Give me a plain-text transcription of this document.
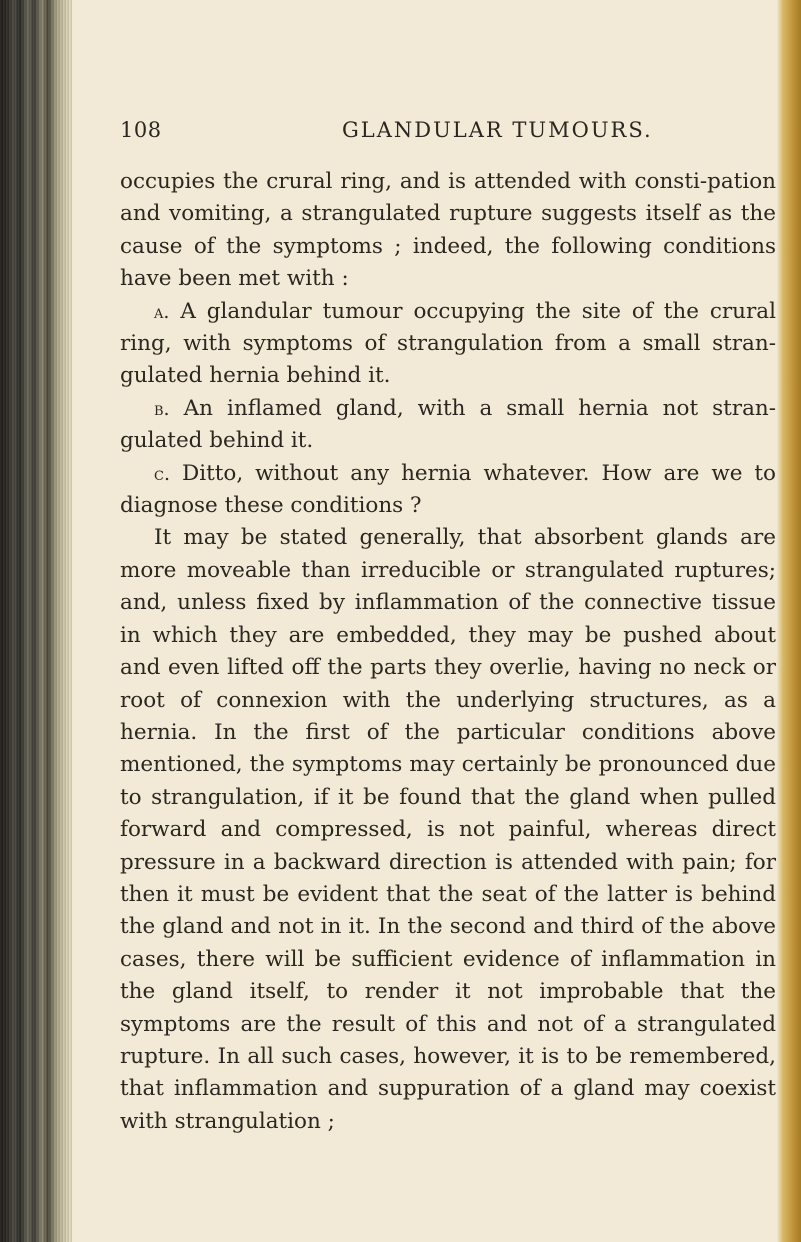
108	GLANDULAR TUMOURS.

occupies the crural ring, and is attended with consti-pation and vomiting, a strangulated rupture suggests itself as the cause of the symptoms ; indeed, the following conditions have been met with :

a. A glandular tumour occupying the site of the crural ring, with symptoms of strangulation from a small stran-gulated hernia behind it.

b. An inflamed gland, with a small hernia not stran-gulated behind it.

c. Ditto, without any hernia whatever. How are we to diagnose these conditions ?

It may be stated generally, that absorbent glands are more moveable than irreducible or strangulated ruptures; and, unless fixed by inflammation of the connective tissue in which they are embedded, they may be pushed about and even lifted off the parts they overlie, having no neck or root of connexion with the underlying structures, as a hernia. In the first of the particular conditions above mentioned, the symptoms may certainly be pronounced due to strangulation, if it be found that the gland when pulled forward and compressed, is not painful, whereas direct pressure in a backward direction is attended with pain; for then it must be evident that the seat of the latter is behind the gland and not in it. In the second and third of the above cases, there will be sufficient evidence of inflammation in the gland itself, to render it not improbable that the symptoms are the result of this and not of a strangulated rupture. In all such cases, however, it is to be remembered, that inflammation and suppuration of a gland may coexist with strangulation ;
